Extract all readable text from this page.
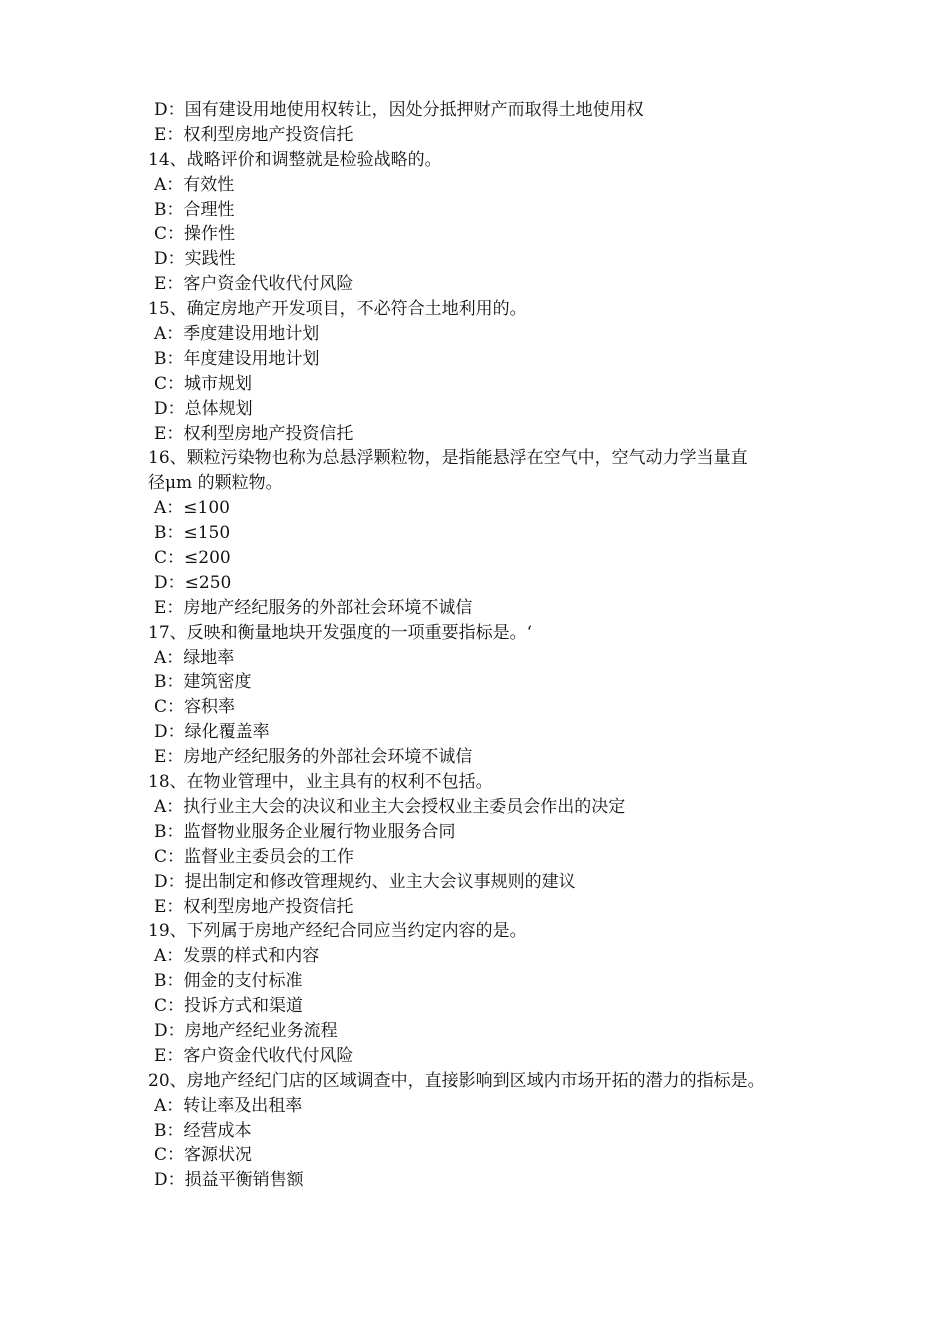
D：国有建设用地使用权转让，因处分抵押财产而取得土地使用权
E：权利型房地产投资信托
14、战略评价和调整就是检验战略的。
A：有效性
B：合理性
C：操作性
D：实践性
E：客户资金代收代付风险
15、确定房地产开发项目，不必符合土地利用的。
A：季度建设用地计划
B：年度建设用地计划
C：城市规划
D：总体规划
E：权利型房地产投资信托
16、颗粒污染物也称为总悬浮颗粒物，是指能悬浮在空气中，空气动力学当量直
径μm 的颗粒物。
A：≤100
B：≤150
C：≤200
D：≤250
E：房地产经纪服务的外部社会环境不诚信
17、反映和衡量地块开发强度的一项重要指标是。‘
A：绿地率
B：建筑密度
C：容积率
D：绿化覆盖率
E：房地产经纪服务的外部社会环境不诚信
18、在物业管理中，业主具有的权利不包括。
A：执行业主大会的决议和业主大会授权业主委员会作出的决定
B：监督物业服务企业履行物业服务合同
C：监督业主委员会的工作
D：提出制定和修改管理规约、业主大会议事规则的建议
E：权利型房地产投资信托
19、下列属于房地产经纪合同应当约定内容的是。
A：发票的样式和内容
B：佣金的支付标准
C：投诉方式和渠道
D：房地产经纪业务流程
E：客户资金代收代付风险
20、房地产经纪门店的区域调查中，直接影响到区域内市场开拓的潜力的指标是。
A：转让率及出租率
B：经营成本
C：客源状况
D：损益平衡销售额
